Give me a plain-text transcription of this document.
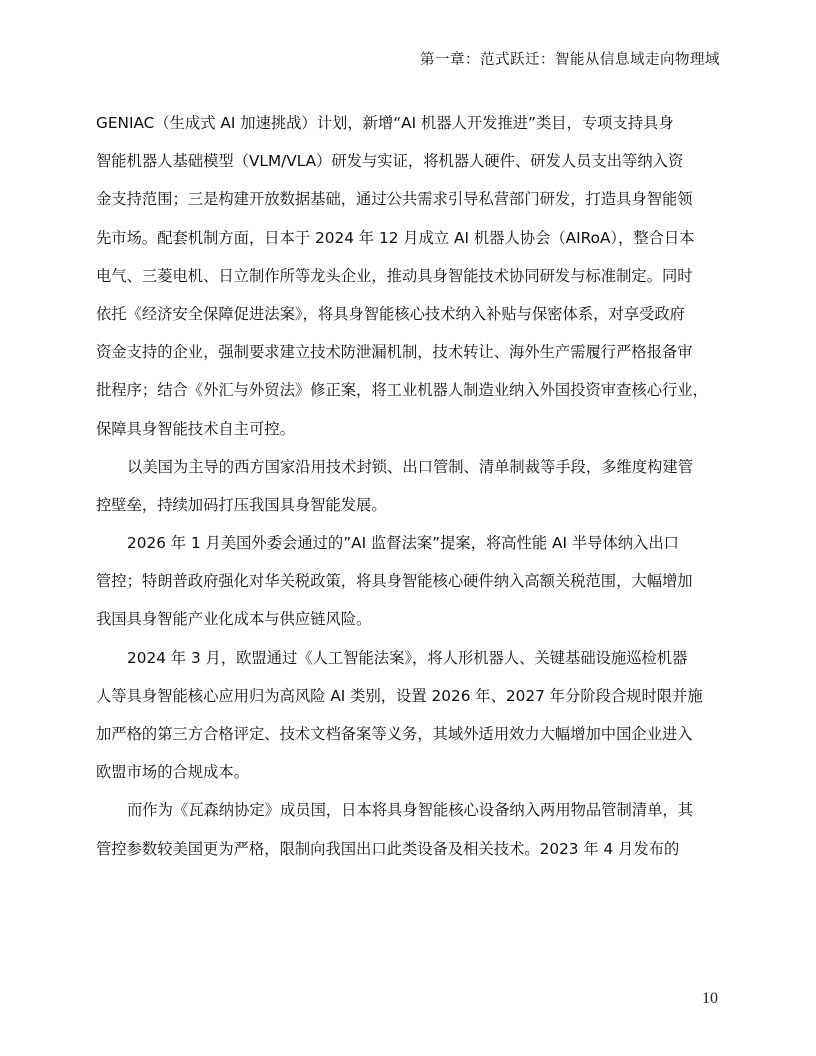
第一章：范式跃迁：智能从信息域走向物理域
GENIAC（生成式 AI 加速挑战）计划，新增“AI 机器人开发推进”类目，专项支持具身
智能机器人基础模型（VLM/VLA）研发与实证，将机器人硬件、研发人员支出等纳入资
金支持范围；三是构建开放数据基础，通过公共需求引导私营部门研发，打造具身智能领
先市场。配套机制方面，日本于 2024 年 12 月成立 AI 机器人协会（AIRoA），整合日本
电气、三菱电机、日立制作所等龙头企业，推动具身智能技术协同研发与标准制定。同时
依托《经济安全保障促进法案》，将具身智能核心技术纳入补贴与保密体系，对享受政府
资金支持的企业，强制要求建立技术防泄漏机制，技术转让、海外生产需履行严格报备审
批程序；结合《外汇与外贸法》修正案，将工业机器人制造业纳入外国投资审查核心行业，
保障具身智能技术自主可控。
以美国为主导的西方国家沿用技术封锁、出口管制、清单制裁等手段，多维度构建管
控壁垒，持续加码打压我国具身智能发展。
2026 年 1 月美国外委会通过的”AI 监督法案”提案，将高性能 AI 半导体纳入出口
管控；特朗普政府强化对华关税政策，将具身智能核心硬件纳入高额关税范围，大幅增加
我国具身智能产业化成本与供应链风险。
2024 年 3 月，欧盟通过《人工智能法案》，将人形机器人、关键基础设施巡检机器
人等具身智能核心应用归为高风险 AI 类别，设置 2026 年、2027 年分阶段合规时限并施
加严格的第三方合格评定、技术文档备案等义务，其域外适用效力大幅增加中国企业进入
欧盟市场的合规成本。
而作为《瓦森纳协定》成员国，日本将具身智能核心设备纳入两用物品管制清单，其
管控参数较美国更为严格，限制向我国出口此类设备及相关技术。2023 年 4 月发布的
10
